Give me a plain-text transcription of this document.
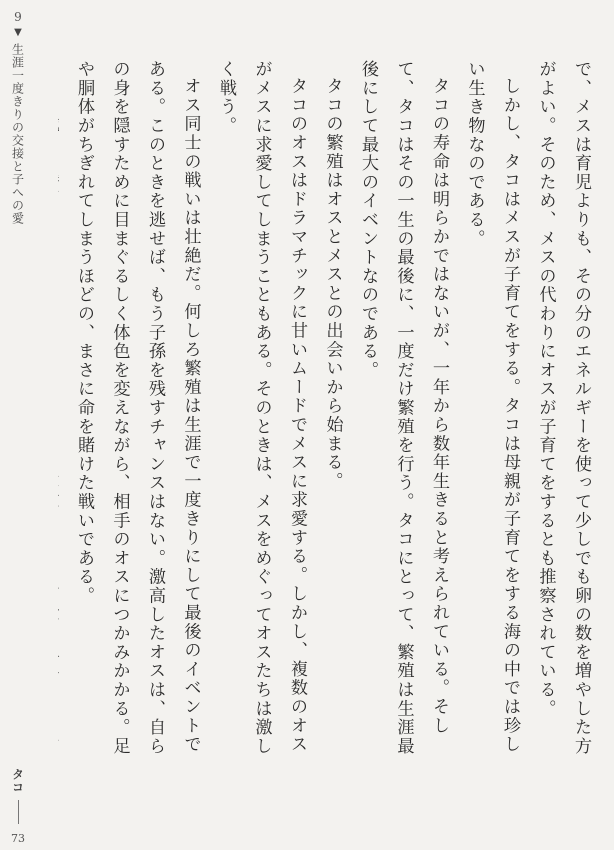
9
▼
生涯一度きりの交接と子への愛	で、メスは育児よりも、その分のエネルギーを使って少しでも卵の数を増やした方がよい。そのため、メスの代わりにオスが子育てをするとも推察されている。

しかし、タコはメスが子育てをする。タコは母親が子育てをする海の中では珍しい生き物なのである。

タコの寿命は明らかではないが、一年から数年生きると考えられている。そして、タコはその一生の最後に、一度だけ繁殖を行う。タコにとって、繁殖は生涯最後にして最大のイベントなのである。

タコの繁殖はオスとメスとの出会いから始まる。

タコのオスはドラマチックに甘いムードでメスに求愛する。しかし、複数のオスがメスに求愛してしまうこともある。そのときは、メスをめぐってオスたちは激しく戦う。

オス同士の戦いは壮絶だ。何しろ繁殖は生涯で一度きりにして最後のイベントである。このときを逃せば、もう子孫を残すチャンスはない。激高したオスは、自らの身を隠すために目まぐるしく体色を変えながら、相手のオスにつかみかかる。足や胴体がちぎれてしまうほどの、まさに命を賭けた戦いである。

タコ
73
